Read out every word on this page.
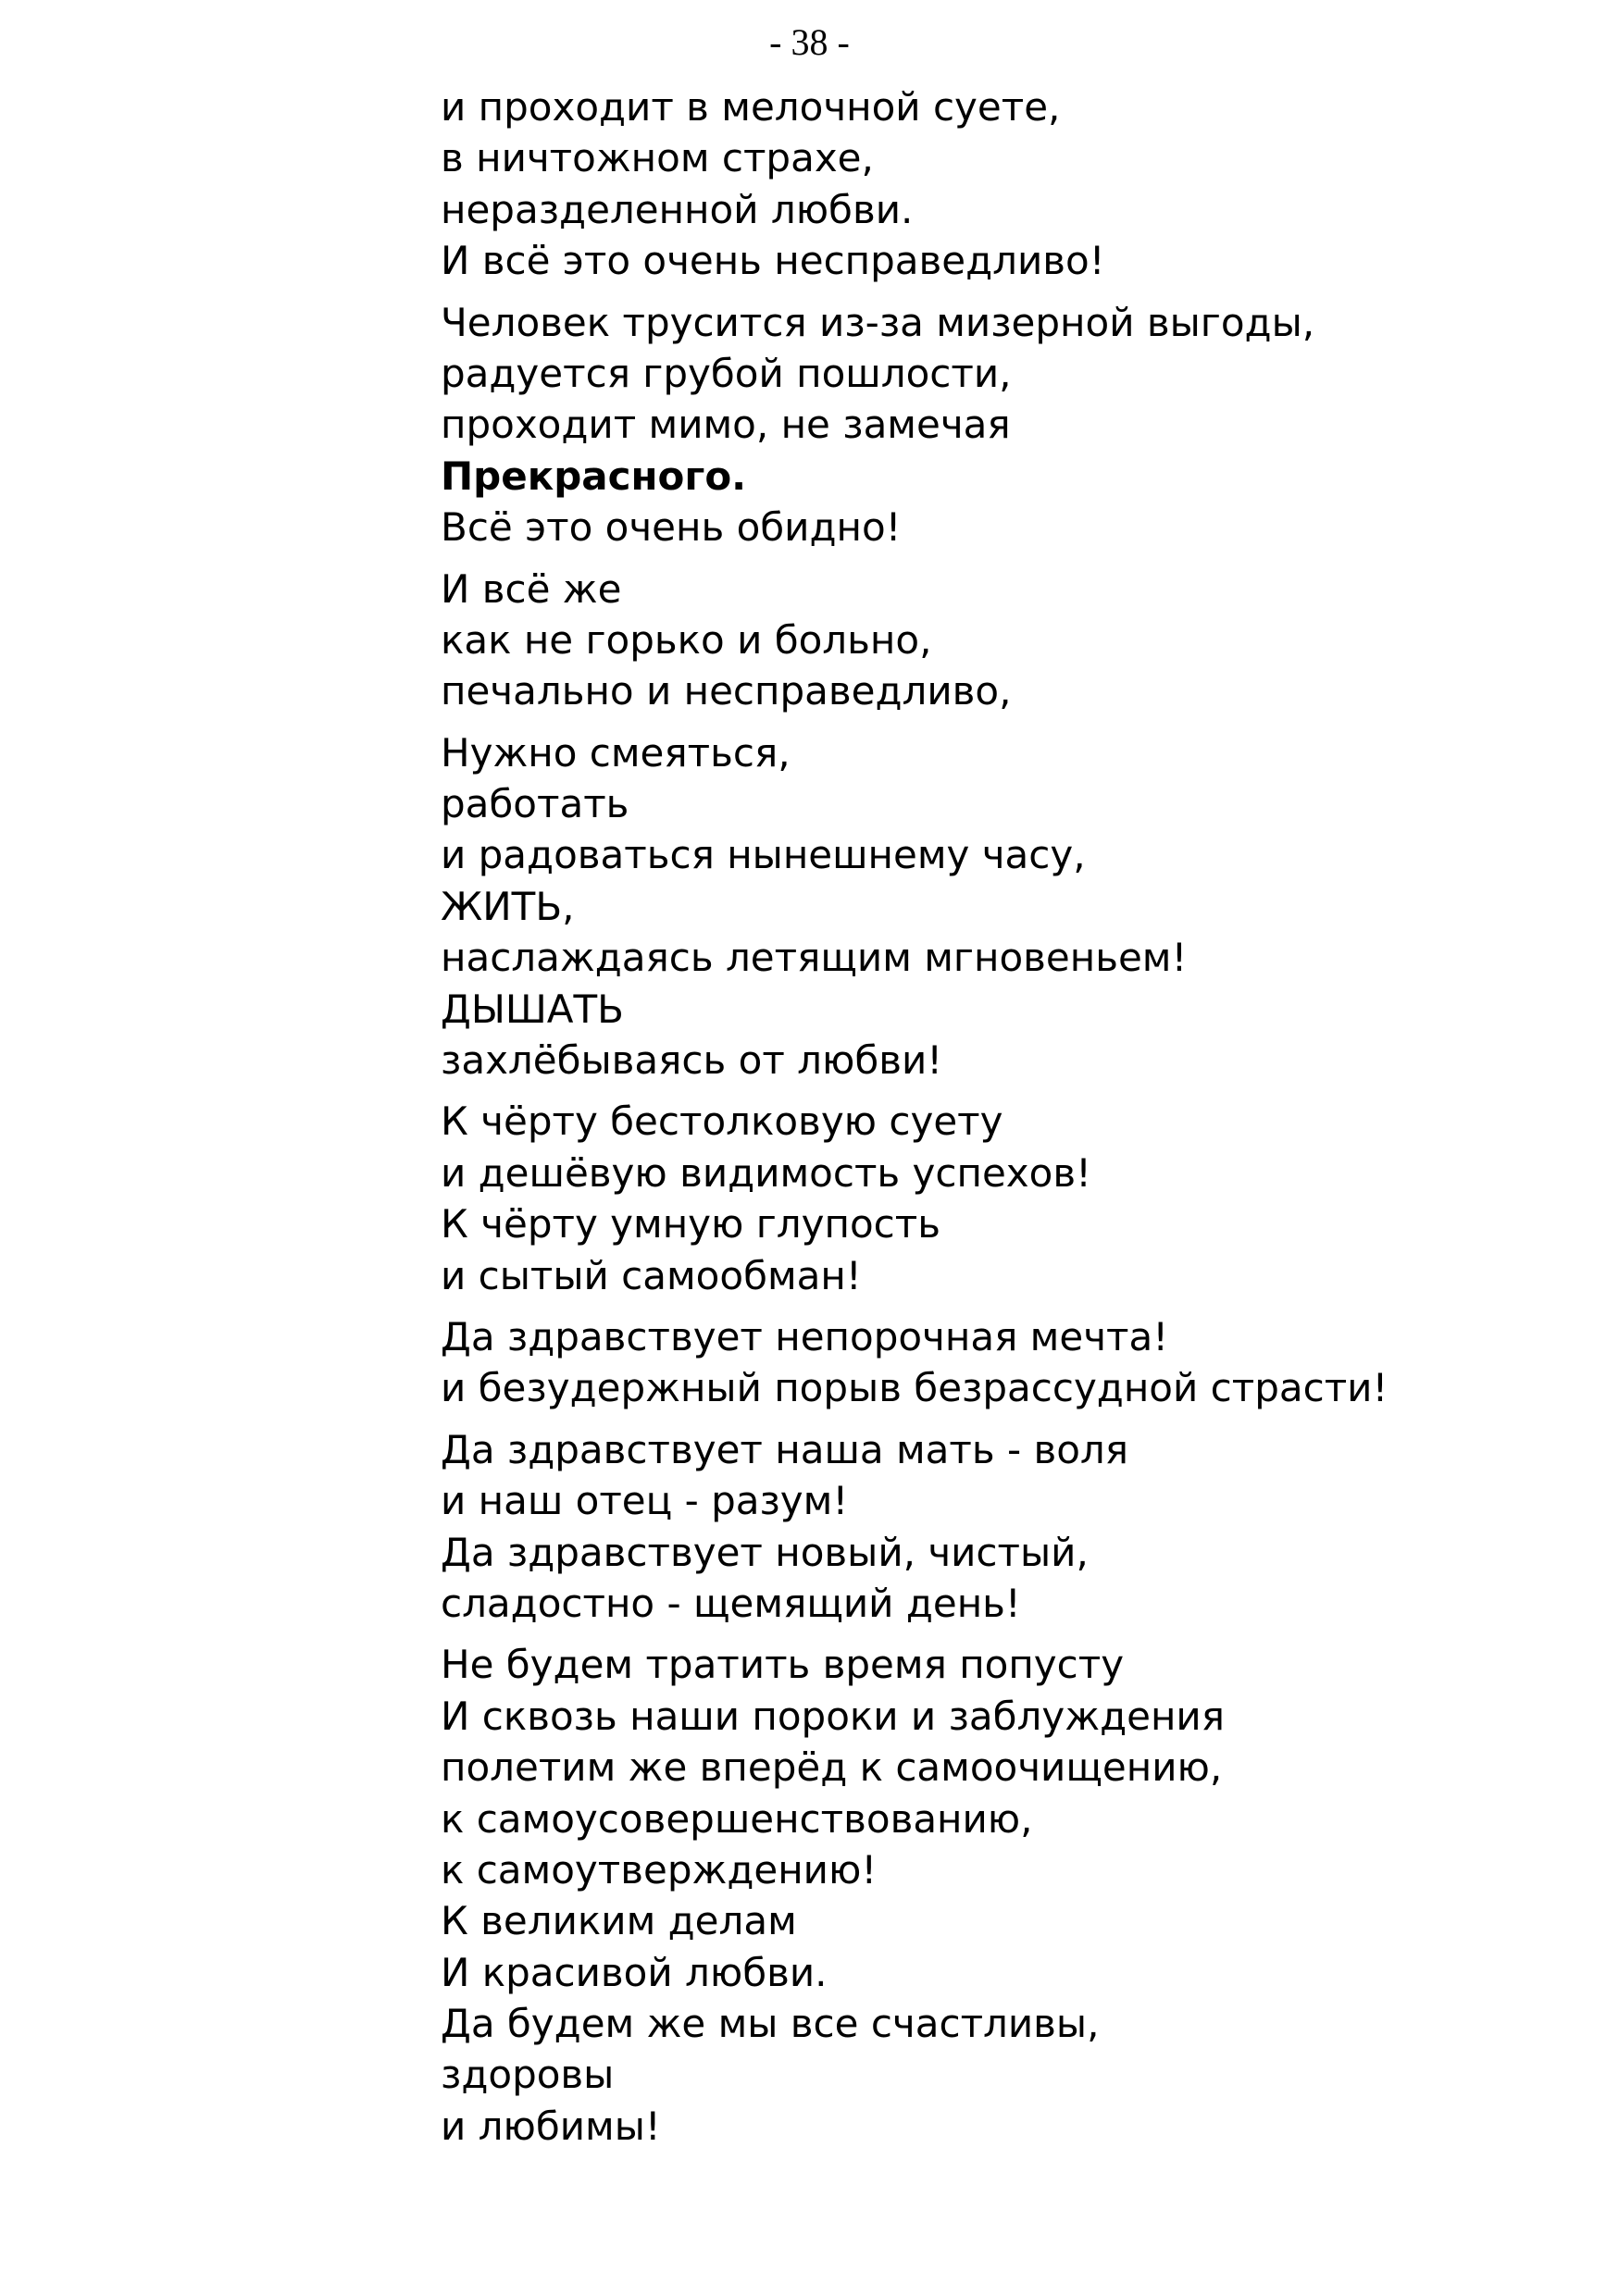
- 38 -
и проходит в мелочной суете,
в ничтожном страхе,
неразделенной любви.
И всё это очень несправедливо!
Человек трусится из-за мизерной выгоды,
радуется грубой пошлости,
проходит мимо, не замечая
Прекрасного.
Всё это очень обидно!
И всё же
как не горько и больно,
печально и несправедливо,
Нужно смеяться,
работать
и радоваться нынешнему часу,
ЖИТЬ,
наслаждаясь летящим мгновеньем!
ДЫШАТЬ
захлёбываясь от любви!
К чёрту бестолковую суету
и дешёвую видимость успехов!
К чёрту умную глупость
и сытый самообман!
Да здравствует непорочная мечта!
и безудержный порыв безрассудной страсти!
Да здравствует наша мать - воля
и наш отец - разум!
Да здравствует новый, чистый,
сладостно - щемящий день!
Не будем тратить время попусту
И сквозь наши пороки и заблуждения
полетим же вперёд к самоочищению,
к самоусовершенствованию,
к самоутверждению!
К великим делам
И красивой любви.
Да будем же мы все счастливы,
здоровы
и любимы!
